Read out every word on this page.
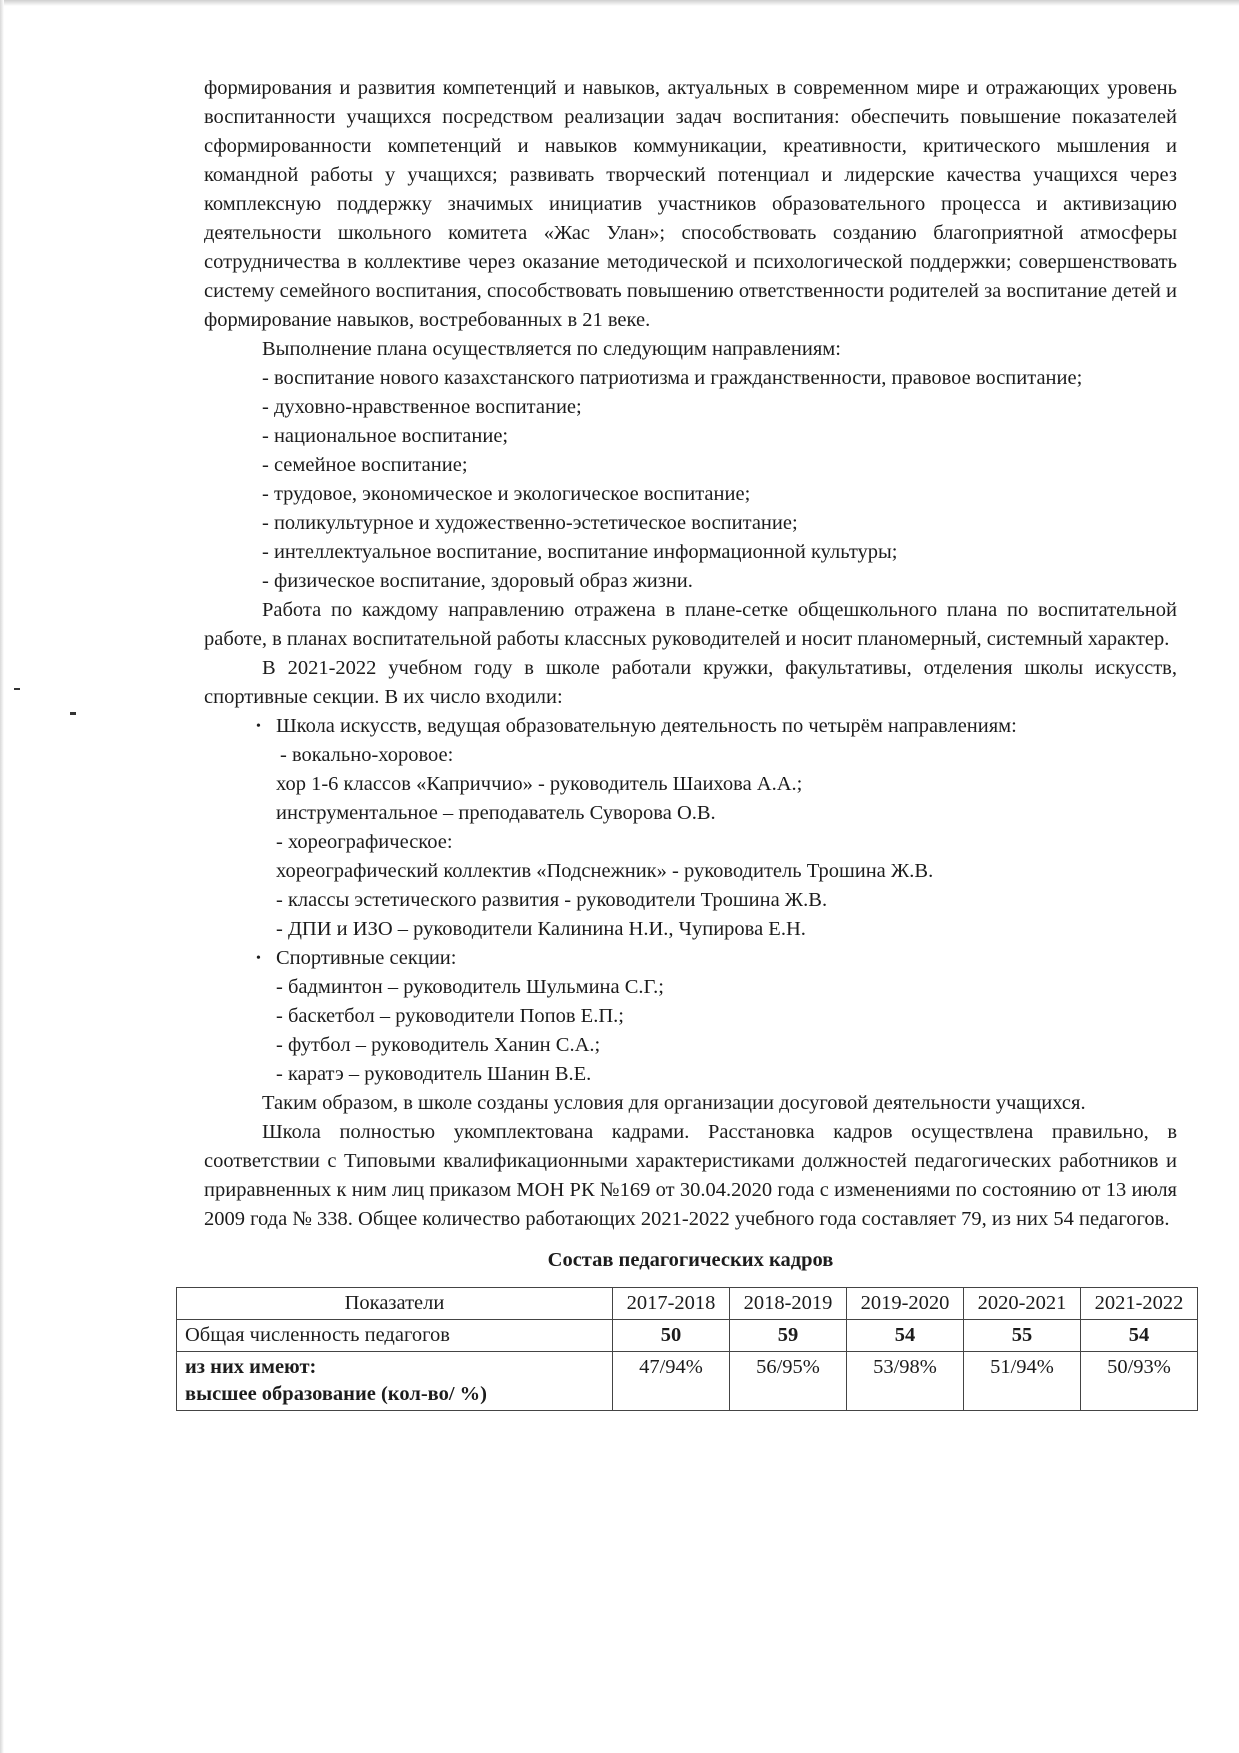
формирования и развития компетенций и навыков, актуальных в современном мире и отражающих уровень воспитанности учащихся посредством реализации задач воспитания: обеспечить повышение показателей сформированности компетенций и навыков коммуникации, креативности, критического мышления и командной работы у учащихся; развивать творческий потенциал и лидерские качества учащихся через комплексную поддержку значимых инициатив участников образовательного процесса и активизацию деятельности школьного комитета «Жас Улан»; способствовать созданию благоприятной атмосферы сотрудничества в коллективе через оказание методической и психологической поддержки; совершенствовать систему семейного воспитания, способствовать повышению ответственности родителей за воспитание детей и формирование навыков, востребованных в 21 веке.

Выполнение плана осуществляется по следующим направлениям:

- воспитание нового казахстанского патриотизма и гражданственности, правовое воспитание;

- духовно-нравственное воспитание;

- национальное воспитание;

- семейное воспитание;

- трудовое, экономическое и экологическое воспитание;

- поликультурное и художественно-эстетическое воспитание;

- интеллектуальное воспитание, воспитание информационной культуры;

- физическое воспитание, здоровый образ жизни.

Работа по каждому направлению отражена в плане-сетке общешкольного плана по воспитательной работе, в планах воспитательной работы классных руководителей и носит планомерный, системный характер.

В 2021-2022 учебном году в школе работали кружки, факультативы, отделения школы искусств, спортивные секции. В их число входили:

• Школа искусств, ведущая образовательную деятельность по четырём направлениям:

- вокально-хоровое:

хор 1-6 классов «Каприччио» - руководитель Шаихова А.А.;

инструментальное – преподаватель Суворова О.В.

- хореографическое:

хореографический коллектив «Подснежник» - руководитель Трошина Ж.В.

- классы эстетического развития - руководители Трошина Ж.В.

- ДПИ и ИЗО – руководители Калинина Н.И., Чупирова Е.Н.

• Спортивные секции:

- бадминтон – руководитель Шульмина С.Г.;

- баскетбол – руководители Попов Е.П.;

- футбол – руководитель Ханин С.А.;

- каратэ – руководитель Шанин В.Е.

Таким образом, в школе созданы условия для организации досуговой деятельности учащихся.

Школа полностью укомплектована кадрами. Расстановка кадров осуществлена правильно, в соответствии с Типовыми квалификационными характеристиками должностей педагогических работников и приравненных к ним лиц приказом МОН РК №169 от 30.04.2020 года с изменениями по состоянию от 13 июля 2009 года № 338. Общее количество работающих 2021-2022 учебного года составляет 79, из них 54 педагогов.

Состав педагогических кадров

Показатели	2017-2018	2018-2019	2019-2020	2020-2021	2021-2022
Общая численность педагогов	50	59	54	55	54

из них имеют:
высшее образование (кол-во/ %)	47/94%	56/95%	53/98%	51/94%	50/93%
